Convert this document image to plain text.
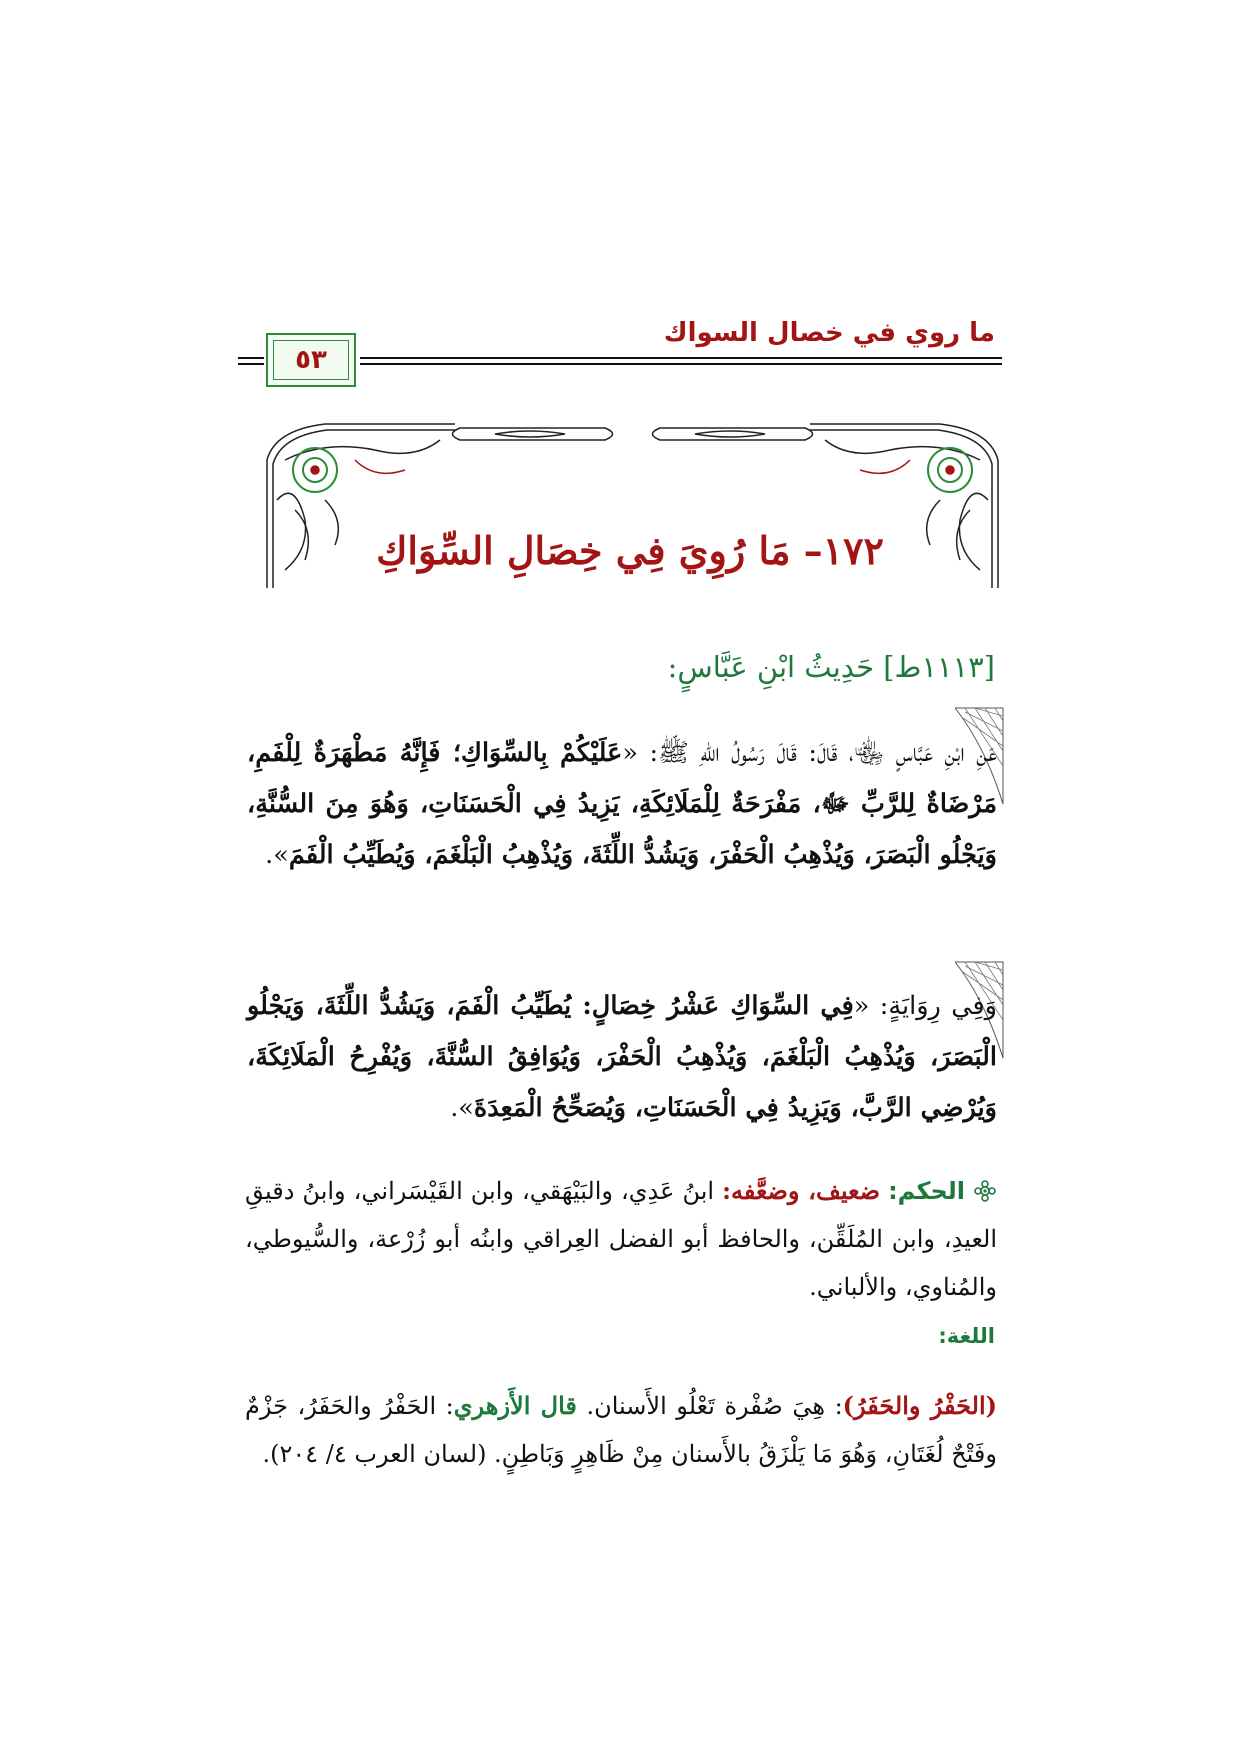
ما روي في خصال السواك
٥٣
١٧٢– مَا رُوِيَ فِي خِصَالِ السِّوَاكِ
[١١١٣ط] حَدِيثُ ابْنِ عَبَّاسٍ:
عَنِ ابْنِ عَبَّاسٍ ﵄، قَالَ: قَالَ رَسُولُ اللهِ ﷺ: «عَلَيْكُمْ بِالسِّوَاكِ؛ فَإِنَّهُ مَطْهَرَةٌ لِلْفَمِ، مَرْضَاةٌ لِلرَّبِّ ﷻ، مَفْرَحَةٌ لِلْمَلَائِكَةِ، يَزِيدُ فِي الْحَسَنَاتِ، وَهُوَ مِنَ السُّنَّةِ، وَيَجْلُو الْبَصَرَ، وَيُذْهِبُ الْحَفْرَ، وَيَشُدُّ اللِّثَةَ، وَيُذْهِبُ الْبَلْغَمَ، وَيُطَيِّبُ الْفَمَ».
وَفِي رِوَايَةٍ: «فِي السِّوَاكِ عَشْرُ خِصَالٍ: يُطَيِّبُ الْفَمَ، وَيَشُدُّ اللِّثَةَ، وَيَجْلُو الْبَصَرَ، وَيُذْهِبُ الْبَلْغَمَ، وَيُذْهِبُ الْحَفْرَ، وَيُوَافِقُ السُّنَّةَ، وَيُفْرِحُ الْمَلَائِكَةَ، وَيُرْضِي الرَّبَّ، وَيَزِيدُ فِي الْحَسَنَاتِ، وَيُصَحِّحُ الْمَعِدَةَ».
الحكم: ضعيف، وضعَّفه: ابنُ عَدِي، والبَيْهَقي، وابن القَيْسَراني، وابنُ دقيقِ العيدِ، وابن المُلَقِّن، والحافظ أبو الفضل العِراقي وابنُه أبو زُرْعة، والسُّيوطي، والمُناوي، والألباني.
اللغة:
(الحَفْرُ والحَفَرُ): هِيَ صُفْرة تَعْلُو الأَسنان. قال الأَزهري: الحَفْرُ والحَفَرُ، جَزْمٌ وفَتْحٌ لُغَتَانِ، وَهُوَ مَا يَلْزَقُ بالأَسنان مِنْ ظَاهِرٍ وَبَاطِنٍ. (لسان العرب ٤/ ٢٠٤).
